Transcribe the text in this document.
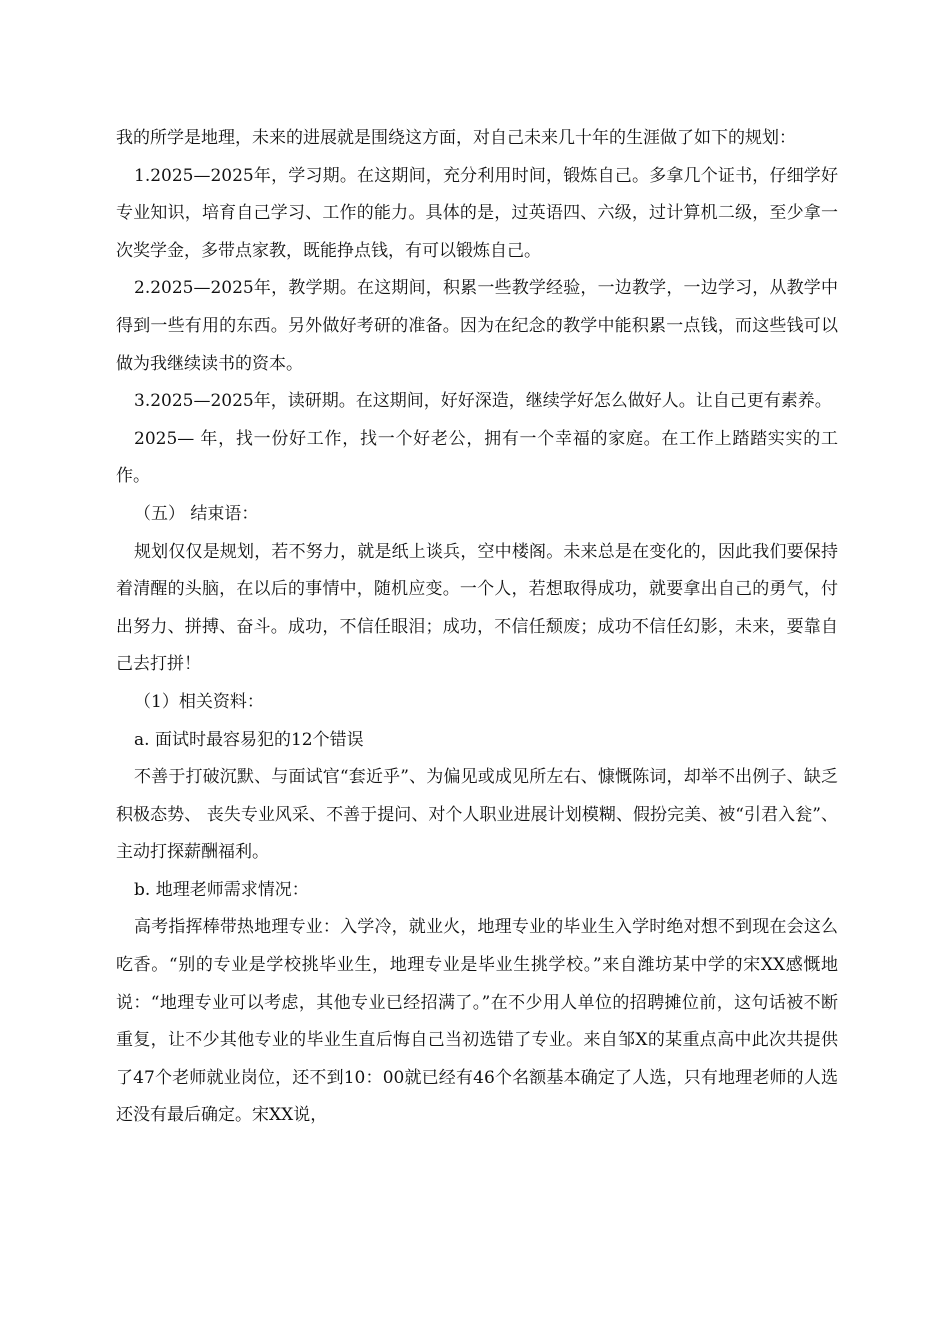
我的所学是地理，未来的进展就是围绕这方面，对自己未来几十年的生涯做了如下的规划：

1.2025—2025年，学习期。在这期间，充分利用时间，锻炼自己。多拿几个证书，仔细学好专业知识，培育自己学习、工作的能力。具体的是，过英语四、六级，过计算机二级，至少拿一次奖学金，多带点家教，既能挣点钱，有可以锻炼自己。

2.2025—2025年，教学期。在这期间，积累一些教学经验，一边教学，一边学习，从教学中得到一些有用的东西。另外做好考研的准备。因为在纪念的教学中能积累一点钱，而这些钱可以做为我继续读书的资本。

3.2025—2025年，读研期。在这期间，好好深造，继续学好怎么做好人。让自己更有素养。

2025— 年，找一份好工作，找一个好老公，拥有一个幸福的家庭。在工作上踏踏实实的工作。

（五） 结束语：

规划仅仅是规划，若不努力，就是纸上谈兵，空中楼阁。未来总是在变化的，因此我们要保持着清醒的头脑，在以后的事情中，随机应变。一个人，若想取得成功，就要拿出自己的勇气，付出努力、拼搏、奋斗。成功，不信任眼泪；成功，不信任颓废；成功不信任幻影，未来，要靠自己去打拼！

（1）相关资料：

a. 面试时最容易犯的12个错误

不善于打破沉默、与面试官“套近乎”、为偏见或成见所左右、慷慨陈词，却举不出例子、缺乏积极态势、 丧失专业风采、不善于提问、对个人职业进展计划模糊、假扮完美、被“引君入瓮”、主动打探薪酬福利。

b. 地理老师需求情况：

高考指挥棒带热地理专业：入学冷，就业火，地理专业的毕业生入学时绝对想不到现在会这么吃香。“别的专业是学校挑毕业生，地理专业是毕业生挑学校。”来自潍坊某中学的宋XX感慨地说：“地理专业可以考虑，其他专业已经招满了。”在不少用人单位的招聘摊位前，这句话被不断重复，让不少其他专业的毕业生直后悔自己当初选错了专业。来自邹X的某重点高中此次共提供了47个老师就业岗位，还不到10：00就已经有46个名额基本确定了人选，只有地理老师的人选还没有最后确定。宋XX说，
